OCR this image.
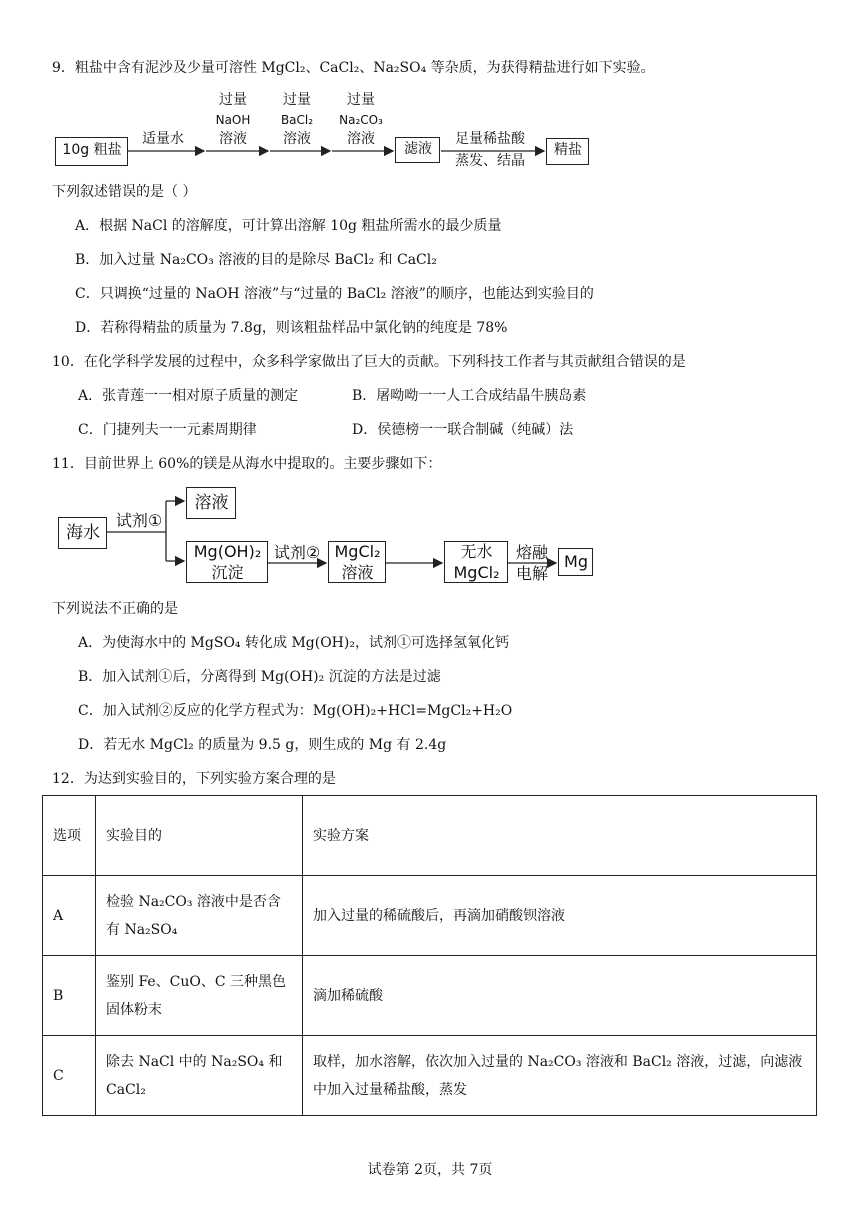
9．粗盐中含有泥沙及少量可溶性 MgCl₂、CaCl₂、Na₂SO₄ 等杂质，为获得精盐进行如下实验。
10g 粗盐
适量水
过量
NaOH
溶液
过量
BaCl₂
溶液
过量
Na₂CO₃
溶液
滤液
足量稀盐酸
蒸发、结晶
精盐
下列叙述错误的是（ ）
A．根据 NaCl 的溶解度，可计算出溶解 10g 粗盐所需水的最少质量
B．加入过量 Na₂CO₃ 溶液的目的是除尽 BaCl₂ 和 CaCl₂
C．只调换“过量的 NaOH 溶液”与“过量的 BaCl₂ 溶液”的顺序，也能达到实验目的
D．若称得精盐的质量为 7.8g，则该粗盐样品中氯化钠的纯度是 78%
10．在化学科学发展的过程中，众多科学家做出了巨大的贡献。下列科技工作者与其贡献组合错误的是
A．张青莲一一相对原子质量的测定	B．屠呦呦一一人工合成结晶牛胰岛素
C．门捷列夫一一元素周期律	D．侯德榜一一联合制碱（纯碱）法
11．目前世界上 60%的镁是从海水中提取的。主要步骤如下：
海水
试剂①
溶液
Mg(OH)₂
沉淀
试剂② MgCl₂
溶液
无水
MgCl₂
熔融
电解
Mg
下列说法不正确的是
A．为使海水中的 MgSO₄ 转化成 Mg(OH)₂，试剂①可选择氢氧化钙
B．加入试剂①后，分离得到 Mg(OH)₂ 沉淀的方法是过滤
C．加入试剂②反应的化学方程式为：Mg(OH)₂+HCl=MgCl₂+H₂O
D．若无水 MgCl₂ 的质量为 9.5 g，则生成的 Mg 有 2.4g
12．为达到实验目的，下列实验方案合理的是
选项	实验目的	实验方案
A	检验 Na₂CO₃ 溶液中是否含有 Na₂SO₄	加入过量的稀硫酸后，再滴加硝酸钡溶液
B	鉴别 Fe、CuO、C 三种黑色固体粉末	滴加稀硫酸
C	除去 NaCl 中的 Na₂SO₄ 和 CaCl₂	取样，加水溶解，依次加入过量的 Na₂CO₃ 溶液和 BaCl₂ 溶液，过滤，向滤液中加入过量稀盐酸，蒸发
试卷第 2页，共 7页
